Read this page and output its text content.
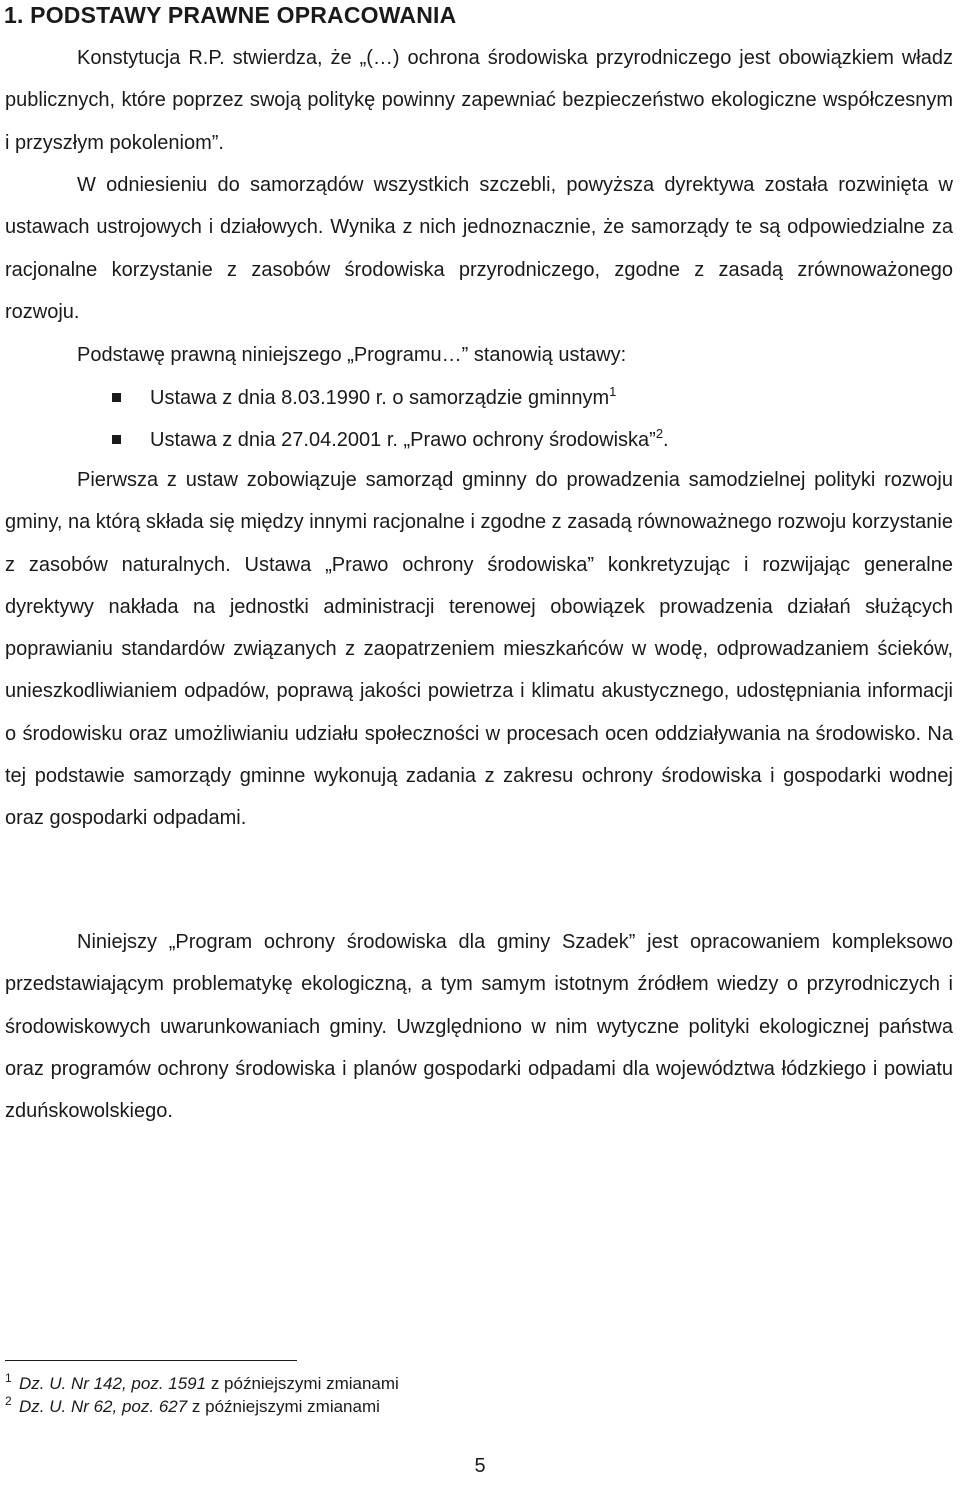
1. PODSTAWY PRAWNE OPRACOWANIA

Konstytucja R.P. stwierdza, że „(…) ochrona środowiska przyrodniczego jest obowiązkiem władz publicznych, które poprzez swoją politykę powinny zapewniać bezpieczeństwo ekologiczne współczesnym i przyszłym pokoleniom”.

W odniesieniu do samorządów wszystkich szczebli, powyższa dyrektywa została rozwinięta w ustawach ustrojowych i działowych. Wynika z nich jednoznacznie, że samorządy te są odpowiedzialne za racjonalne korzystanie z zasobów środowiska przyrodniczego, zgodne z zasadą zrównoważonego rozwoju.

Podstawę prawną niniejszego „Programu…” stanowią ustawy:

Ustawa z dnia 8.03.1990 r. o samorządzie gminnym$^1$
Ustawa z dnia 27.04.2001 r. „Prawo ochrony środowiska”$^2$.

Pierwsza z ustaw zobowiązuje samorząd gminny do prowadzenia samodzielnej polityki rozwoju gminy, na którą składa się między innymi racjonalne i zgodne z zasadą równoważnego rozwoju korzystanie z zasobów naturalnych. Ustawa „Prawo ochrony środowiska” konkretyzując i rozwijając generalne dyrektywy nakłada na jednostki administracji terenowej obowiązek prowadzenia działań służących poprawianiu standardów związanych z zaopatrzeniem mieszkańców w wodę, odprowadzaniem ścieków, unieszkodliwianiem odpadów, poprawą jakości powietrza i klimatu akustycznego, udostępniania informacji o środowisku oraz umożliwianiu udziału społeczności w procesach ocen oddziaływania na środowisko. Na tej podstawie samorządy gminne wykonują zadania z zakresu ochrony środowiska i gospodarki wodnej oraz gospodarki odpadami.

Niniejszy „Program ochrony środowiska dla gminy Szadek” jest opracowaniem kompleksowo przedstawiającym problematykę ekologiczną, a tym samym istotnym źródłem wiedzy o przyrodniczych i środowiskowych uwarunkowaniach gminy. Uwzględniono w nim wytyczne polityki ekologicznej państwa oraz programów ochrony środowiska i planów gospodarki odpadami dla województwa łódzkiego i powiatu zduńskowolskiego.

1 Dz. U. Nr 142, poz. 1591 z późniejszymi zmianami
2 Dz. U. Nr 62, poz. 627 z późniejszymi zmianami
5
